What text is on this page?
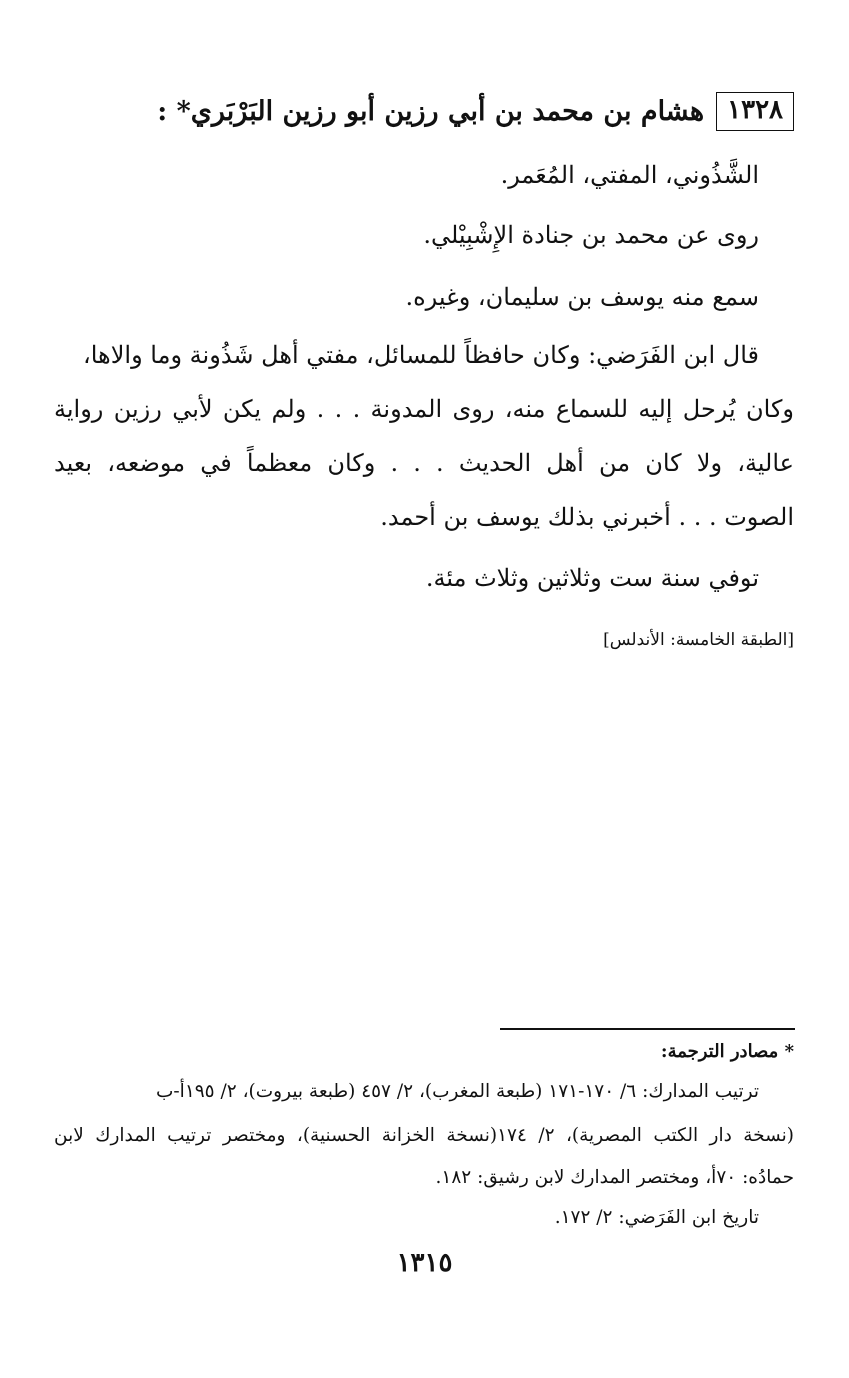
١٣٢٨
هشام بن محمد بن أبي رزين أبو رزين البَرْبَري* :
الشَّذُوني، المفتي، المُعَمر.
روى عن محمد بن جنادة الإِشْبِيْلي.
سمع منه يوسف بن سليمان، وغيره.
قال ابن الفَرَضي: وكان حافظاً للمسائل، مفتي أهل شَذُونة وما والاها،
وكان يُرحل إليه للسماع منه، روى المدونة . . . ولم يكن لأبي رزين رواية
عالية، ولا كان من أهل الحديث . . . وكان معظماً في موضعه، بعيد
الصوت . . . أخبرني بذلك يوسف بن أحمد.
توفي سنة ست وثلاثين وثلاث مئة.
[الطبقة الخامسة: الأندلس]
* مصادر الترجمة:
ترتيب المدارك: ٦/ ١٧٠-١٧١ (طبعة المغرب)، ٢/ ٤٥٧ (طبعة بيروت)، ٢/ ١٩٥أ-ب
(نسخة دار الكتب المصرية)، ٢/ ١٧٤(نسخة الخزانة الحسنية)، ومختصر ترتيب المدارك لابن
حمادُه: ٧٠أ، ومختصر المدارك لابن رشيق: ١٨٢.
تاريخ ابن الفَرَضي: ٢/ ١٧٢.
١٣١٥
